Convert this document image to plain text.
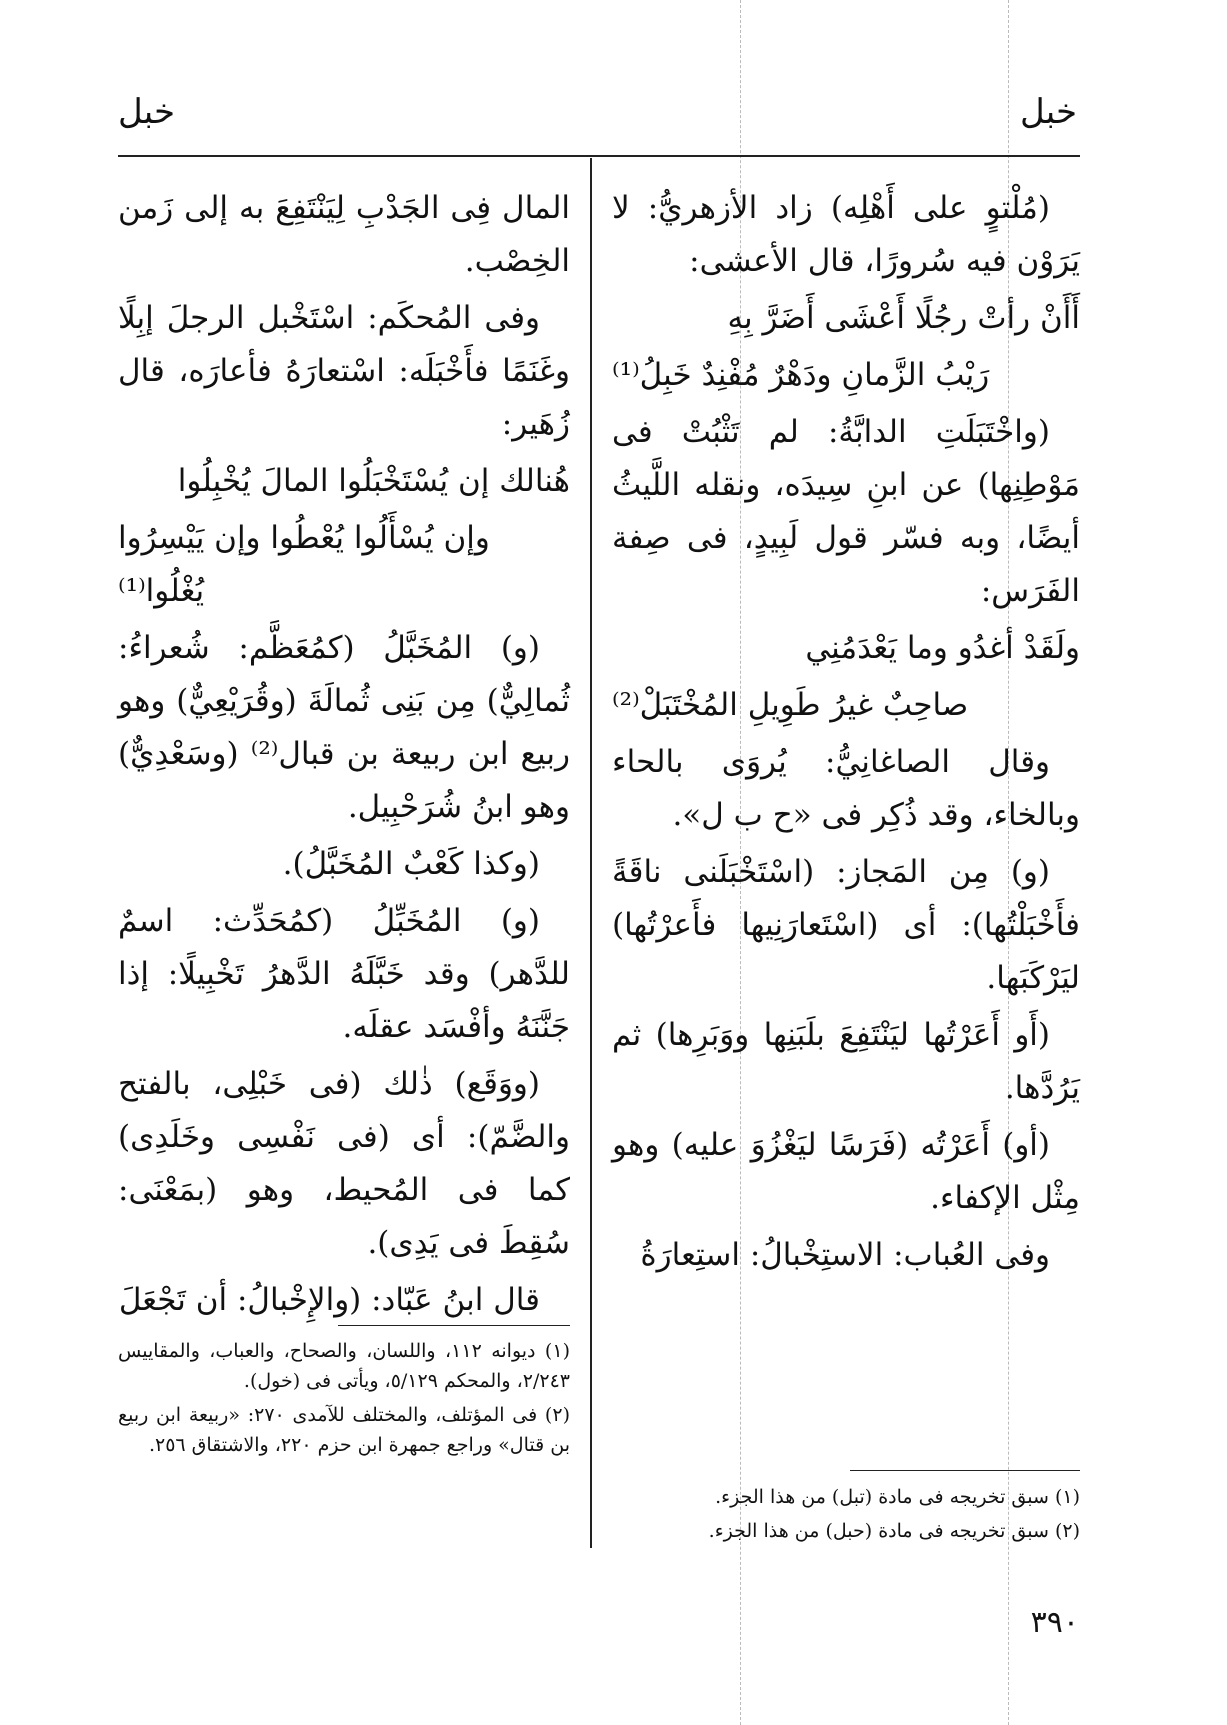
خبل
خبل

(مُلْتوٍ على أَهْلِه) زاد الأزهريُّ: لا يَرَوْن فيه سُرورًا، قال الأعشى:

أَأَنْ رأتْ رجُلًا أَعْشَى أَضَرَّ بِهِ

رَيْبُ الزَّمانِ ودَهْرٌ مُفْنِدٌ خَبِلُ⁽¹⁾

(واخْتَبَلَتِ الدابَّةُ: لم تَثْبُتْ فى مَوْطِنِها) عن ابنِ سِيدَه، ونقله اللَّيثُ أيضًا، وبه فسّر قول لَبِيدٍ، فى صِفة الفَرَس:

ولَقَدْ أغدُو وما يَعْدَمُنِي

صاحِبٌ غيرُ طَوِيلِ المُخْتَبَلْ⁽²⁾

وقال الصاغانِيُّ: يُروَى بالحاء وبالخاء، وقد ذُكِر فى «ح ب ل».

(و) مِن المَجاز: (اسْتَخْبَلَنى ناقَةً فأَخْبَلْتُها): أى (اسْتَعارَنِيها فأَعرْتُها) ليَرْكَبَها.

(أَو أَعَرْتُها ليَنْتَفِعَ بلَبَنِها ووَبَرِها) ثم يَرُدَّها.

(أو) أَعَرْتُه (فَرَسًا ليَغْزُوَ عليه) وهو مِثْل الإكفاء.

وفى العُباب: الاستِخْبالُ: استِعارَةُ

(١) سبق تخريجه فى مادة (تبل) من هذا الجزء.

(٢) سبق تخريجه فى مادة (حبل) من هذا الجزء.

المال فِى الجَدْبِ لِيَنْتَفِعَ به إلى زَمن الخِصْب.

وفى المُحكَم: اسْتَخْبل الرجلَ إبِلًا وغَنَمًا فأَخْبَلَه: اسْتعارَهُ فأعارَه، قال زُهَير:

هُنالك إن يُسْتَخْبَلُوا المالَ يُخْبِلُوا

وإن يُسْأَلُوا يُعْطُوا وإن يَيْسِرُوا يُغْلُوا⁽¹⁾

(و) المُخَبَّلُ (كمُعَظَّم: شُعراءُ: ثُمالِيٌّ) مِن بَنِى ثُمالَةَ (وقُرَيْعِيٌّ) وهو ربيع ابن ربيعة بن قبال⁽²⁾ (وسَعْدِيٌّ) وهو ابنُ شُرَحْبِيل.

(وكذا كَعْبٌ المُخَبَّلُ).

(و) المُخَبِّلُ (كمُحَدِّث: اسمٌ للدَّهر) وقد خَبَّلَهُ الدَّهرُ تَخْبِيلًا: إذا جَنَّنَهُ وأفْسَد عقلَه.

(ووَقَع) ذٰلك (فى خَبْلِى، بالفتح والضَّمّ): أى (فى نَفْسِى وخَلَدِى) كما فى المُحيط، وهو (بمَعْنَى: سُقِطَ فى يَدِى).

قال ابنُ عَبّاد: (والإِخْبالُ: أن تَجْعَلَ

(١) ديوانه ١١٢، واللسان، والصحاح، والعباب، والمقاييس ٢/٢٤٣، والمحكم ٥/١٢٩، ويأتى فى (خول).

(٢) فى المؤتلف، والمختلف للآمدى ٢٧٠: «ربيعة ابن ربيع بن قتال» وراجع جمهرة ابن حزم ٢٢٠، والاشتقاق ٢٥٦.

٣٩٠
